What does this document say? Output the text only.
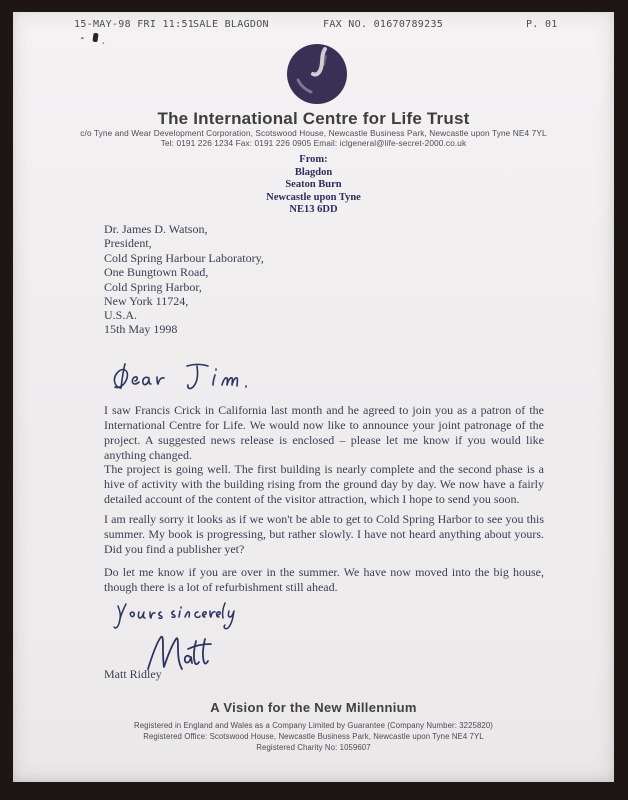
15-MAY-98 FRI 11:51
SALE BLAGDON	FAX NO. 01670789235	P. 01
The International Centre for Life Trust
c/o Tyne and Wear Development Corporation, Scotswood House, Newcastle Business Park, Newcastle upon Tyne NE4 7YL
Tel: 0191 226 1234 Fax: 0191 226 0905 Email: iclgeneral@life-secret-2000.co.uk
From:
Blagdon
Seaton Burn
Newcastle upon Tyne
NE13 6DD
Dr. James D. Watson,
President,
Cold Spring Harbour Laboratory,
One Bungtown Road,
Cold Spring Harbor,
New York 11724,
U.S.A.
15th May 1998
I saw Francis Crick in California last month and he agreed to join you as a patron of the International Centre for Life. We would now like to announce your joint patronage of the project. A suggested news release is enclosed – please let me know if you would like anything changed.
The project is going well. The first building is nearly complete and the second phase is a hive of activity with the building rising from the ground day by day. We now have a fairly detailed account of the content of the visitor attraction, which I hope to send you soon.
I am really sorry it looks as if we won't be able to get to Cold Spring Harbor to see you this summer. My book is progressing, but rather slowly. I have not heard anything about yours. Did you find a publisher yet?
Do let me know if you are over in the summer. We have now moved into the big house, though there is a lot of refurbishment still ahead.
Matt Ridley
A Vision for the New Millennium
Registered in England and Wales as a Company Limited by Guarantee (Company Number: 3225820)
Registered Office: Scotswood House, Newcastle Business Park, Newcastle upon Tyne NE4 7YL
Registered Charity No: 1059607
